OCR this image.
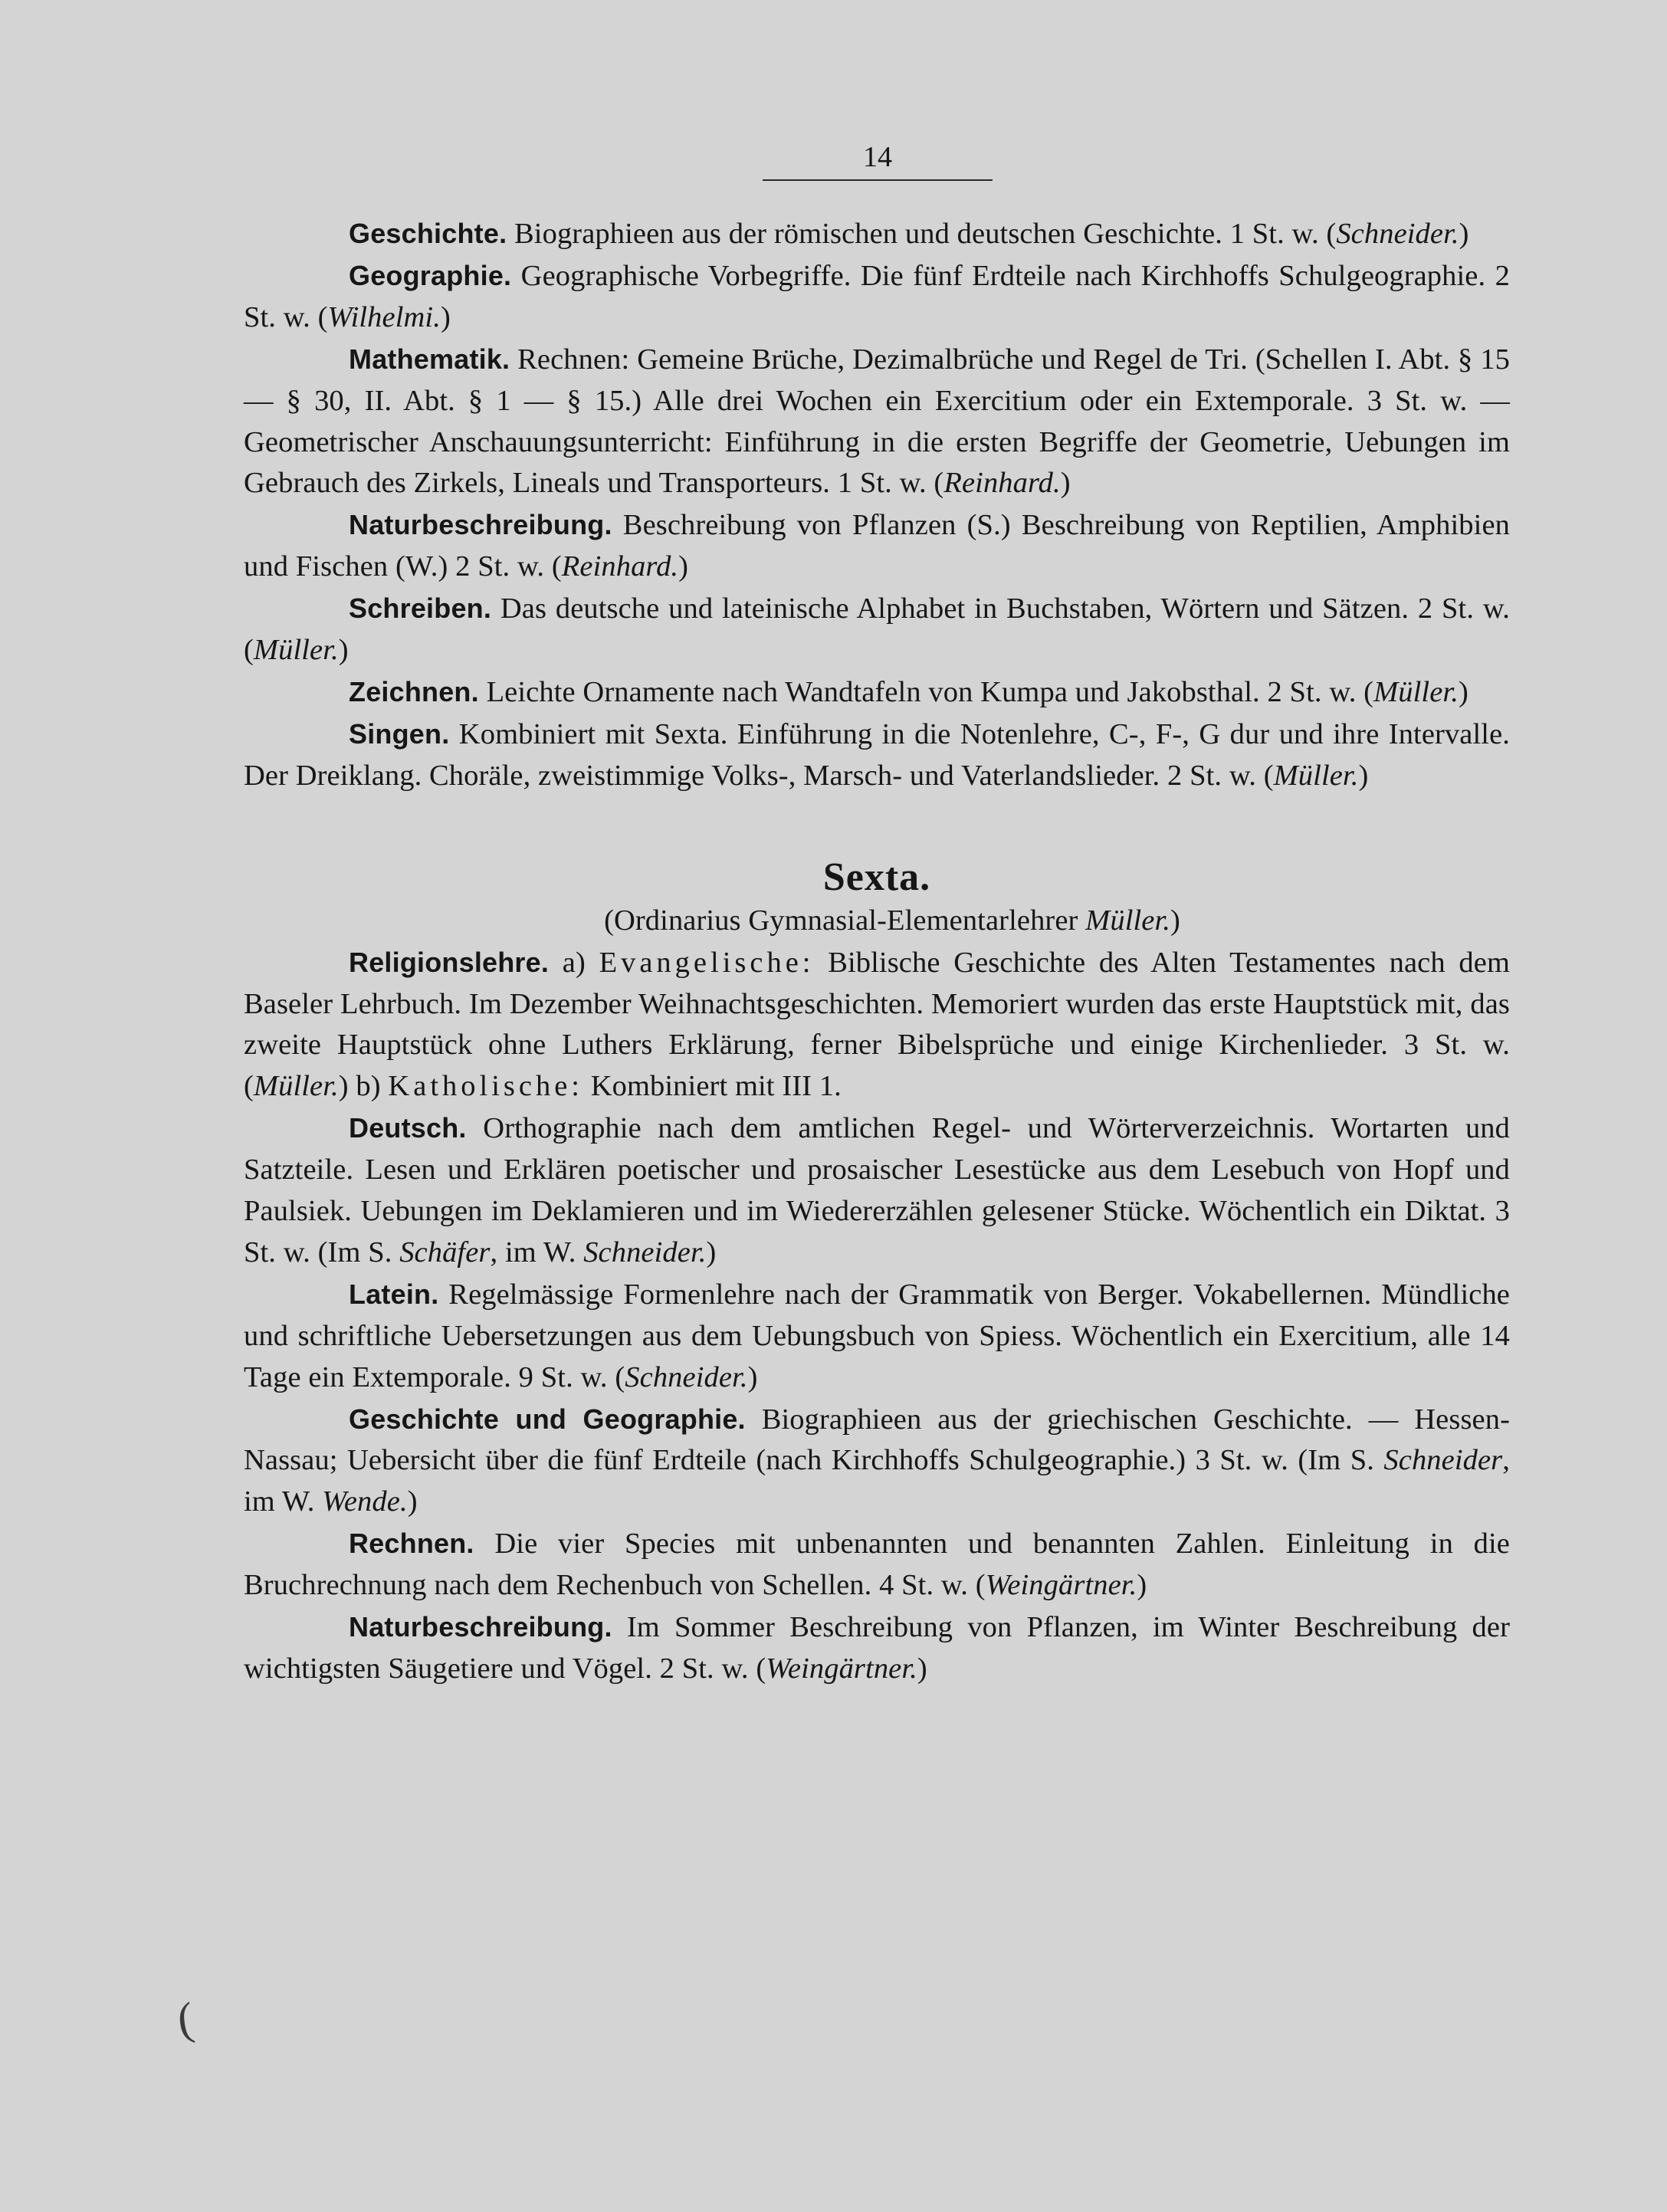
14

Geschichte. Biographieen aus der römischen und deutschen Geschichte. 1 St. w. (Schneider.)

Geographie. Geographische Vorbegriffe. Die fünf Erdteile nach Kirchhoffs Schulgeographie. 2 St. w. (Wilhelmi.)

Mathematik. Rechnen: Gemeine Brüche, Dezimalbrüche und Regel de Tri. (Schellen I. Abt. § 15 — § 30, II. Abt. § 1 — § 15.) Alle drei Wochen ein Exercitium oder ein Extemporale. 3 St. w. — Geometrischer Anschauungsunterricht: Einführung in die ersten Begriffe der Geometrie, Uebungen im Gebrauch des Zirkels, Lineals und Transporteurs. 1 St. w. (Reinhard.)

Naturbeschreibung. Beschreibung von Pflanzen (S.) Beschreibung von Reptilien, Amphibien und Fischen (W.) 2 St. w. (Reinhard.)

Schreiben. Das deutsche und lateinische Alphabet in Buchstaben, Wörtern und Sätzen. 2 St. w. (Müller.)

Zeichnen. Leichte Ornamente nach Wandtafeln von Kumpa und Jakobsthal. 2 St. w. (Müller.)

Singen. Kombiniert mit Sexta. Einführung in die Notenlehre, C-, F-, G dur und ihre Intervalle. Der Dreiklang. Choräle, zweistimmige Volks-, Marsch- und Vaterlandslieder. 2 St. w. (Müller.)

Sexta.

(Ordinarius Gymnasial-Elementarlehrer Müller.)

Religionslehre. a) Evangelische: Biblische Geschichte des Alten Testamentes nach dem Baseler Lehrbuch. Im Dezember Weihnachtsgeschichten. Memoriert wurden das erste Hauptstück mit, das zweite Hauptstück ohne Luthers Erklärung, ferner Bibelsprüche und einige Kirchenlieder. 3 St. w. (Müller.) b) Katholische: Kombiniert mit III 1.

Deutsch. Orthographie nach dem amtlichen Regel- und Wörterverzeichnis. Wortarten und Satzteile. Lesen und Erklären poetischer und prosaischer Lesestücke aus dem Lesebuch von Hopf und Paulsiek. Uebungen im Deklamieren und im Wiedererzählen gelesener Stücke. Wöchentlich ein Diktat. 3 St. w. (Im S. Schäfer, im W. Schneider.)

Latein. Regelmässige Formenlehre nach der Grammatik von Berger. Vokabellernen. Mündliche und schriftliche Uebersetzungen aus dem Uebungsbuch von Spiess. Wöchentlich ein Exercitium, alle 14 Tage ein Extemporale. 9 St. w. (Schneider.)

Geschichte und Geographie. Biographieen aus der griechischen Geschichte. — Hessen-Nassau; Uebersicht über die fünf Erdteile (nach Kirchhoffs Schulgeographie.) 3 St. w. (Im S. Schneider, im W. Wende.)

Rechnen. Die vier Species mit unbenannten und benannten Zahlen. Einleitung in die Bruchrechnung nach dem Rechenbuch von Schellen. 4 St. w. (Weingärtner.)

Naturbeschreibung. Im Sommer Beschreibung von Pflanzen, im Winter Beschreibung der wichtigsten Säugetiere und Vögel. 2 St. w. (Weingärtner.)

(
